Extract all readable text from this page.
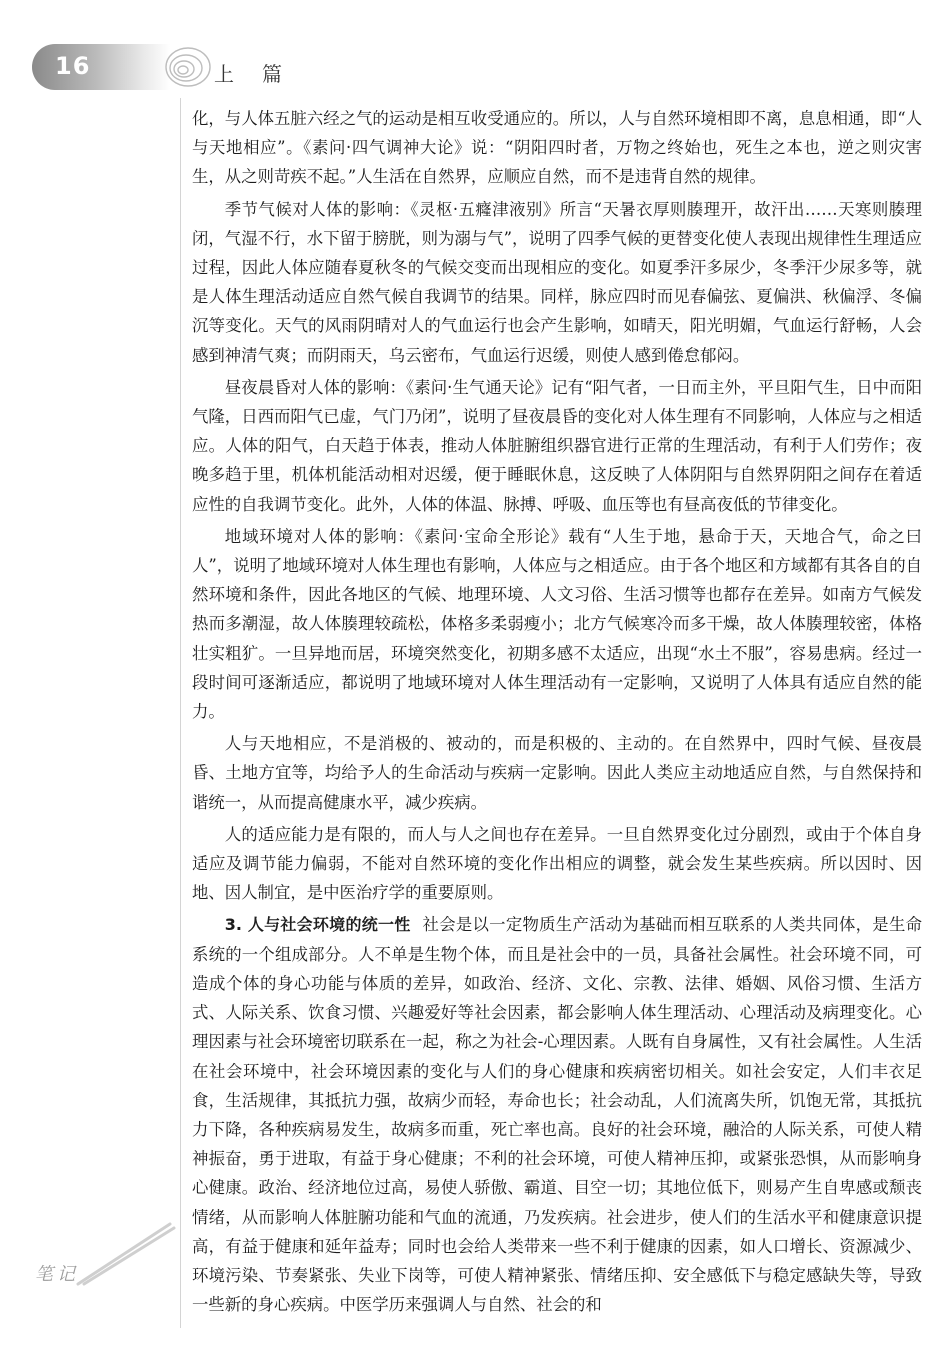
16	上篇

化，与人体五脏六经之气的运动是相互收受通应的。所以，人与自然环境相即不离，息息相通，即“人与天地相应”。《素问·四气调神大论》说：“阴阳四时者，万物之终始也，死生之本也，逆之则灾害生，从之则苛疾不起。”人生活在自然界，应顺应自然，而不是违背自然的规律。

季节气候对人体的影响：《灵枢·五癃津液别》所言“天暑衣厚则腠理开，故汗出……天寒则腠理闭，气湿不行，水下留于膀胱，则为溺与气”，说明了四季气候的更替变化使人表现出规律性生理适应过程，因此人体应随春夏秋冬的气候交变而出现相应的变化。如夏季汗多尿少，冬季汗少尿多等，就是人体生理活动适应自然气候自我调节的结果。同样，脉应四时而见春偏弦、夏偏洪、秋偏浮、冬偏沉等变化。天气的风雨阴晴对人的气血运行也会产生影响，如晴天，阳光明媚，气血运行舒畅，人会感到神清气爽；而阴雨天，乌云密布，气血运行迟缓，则使人感到倦怠郁闷。

昼夜晨昏对人体的影响：《素问·生气通天论》记有“阳气者，一日而主外，平旦阳气生，日中而阳气隆，日西而阳气已虚，气门乃闭”，说明了昼夜晨昏的变化对人体生理有不同影响，人体应与之相适应。人体的阳气，白天趋于体表，推动人体脏腑组织器官进行正常的生理活动，有利于人们劳作；夜晚多趋于里，机体机能活动相对迟缓，便于睡眠休息，这反映了人体阴阳与自然界阴阳之间存在着适应性的自我调节变化。此外，人体的体温、脉搏、呼吸、血压等也有昼高夜低的节律变化。

地域环境对人体的影响：《素问·宝命全形论》载有“人生于地，悬命于天，天地合气，命之曰人”，说明了地域环境对人体生理也有影响，人体应与之相适应。由于各个地区和方域都有其各自的自然环境和条件，因此各地区的气候、地理环境、人文习俗、生活习惯等也都存在差异。如南方气候发热而多潮湿，故人体腠理较疏松，体格多柔弱瘦小；北方气候寒冷而多干燥，故人体腠理较密，体格壮实粗犷。一旦异地而居，环境突然变化，初期多感不太适应，出现“水土不服”，容易患病。经过一段时间可逐渐适应，都说明了地域环境对人体生理活动有一定影响，又说明了人体具有适应自然的能力。

人与天地相应，不是消极的、被动的，而是积极的、主动的。在自然界中，四时气候、昼夜晨昏、土地方宜等，均给予人的生命活动与疾病一定影响。因此人类应主动地适应自然，与自然保持和谐统一，从而提高健康水平，减少疾病。

人的适应能力是有限的，而人与人之间也存在差异。一旦自然界变化过分剧烈，或由于个体自身适应及调节能力偏弱，不能对自然环境的变化作出相应的调整，就会发生某些疾病。所以因时、因地、因人制宜，是中医治疗学的重要原则。

3. 人与社会环境的统一性 社会是以一定物质生产活动为基础而相互联系的人类共同体，是生命系统的一个组成部分。人不单是生物个体，而且是社会中的一员，具备社会属性。社会环境不同，可造成个体的身心功能与体质的差异，如政治、经济、文化、宗教、法律、婚姻、风俗习惯、生活方式、人际关系、饮食习惯、兴趣爱好等社会因素，都会影响人体生理活动、心理活动及病理变化。心理因素与社会环境密切联系在一起，称之为社会-心理因素。人既有自身属性，又有社会属性。人生活在社会环境中，社会环境因素的变化与人们的身心健康和疾病密切相关。如社会安定，人们丰衣足食，生活规律，其抵抗力强，故病少而轻，寿命也长；社会动乱，人们流离失所，饥饱无常，其抵抗力下降，各种疾病易发生，故病多而重，死亡率也高。良好的社会环境，融洽的人际关系，可使人精神振奋，勇于进取，有益于身心健康；不利的社会环境，可使人精神压抑，或紧张恐惧，从而影响身心健康。政治、经济地位过高，易使人骄傲、霸道、目空一切；其地位低下，则易产生自卑感或颓丧情绪，从而影响人体脏腑功能和气血的流通，乃发疾病。社会进步，使人们的生活水平和健康意识提高，有益于健康和延年益寿；同时也会给人类带来一些不利于健康的因素，如人口增长、资源减少、环境污染、节奏紧张、失业下岗等，可使人精神紧张、情绪压抑、安全感低下与稳定感缺失等，导致一些新的身心疾病。中医学历来强调人与自然、社会的和

笔记
